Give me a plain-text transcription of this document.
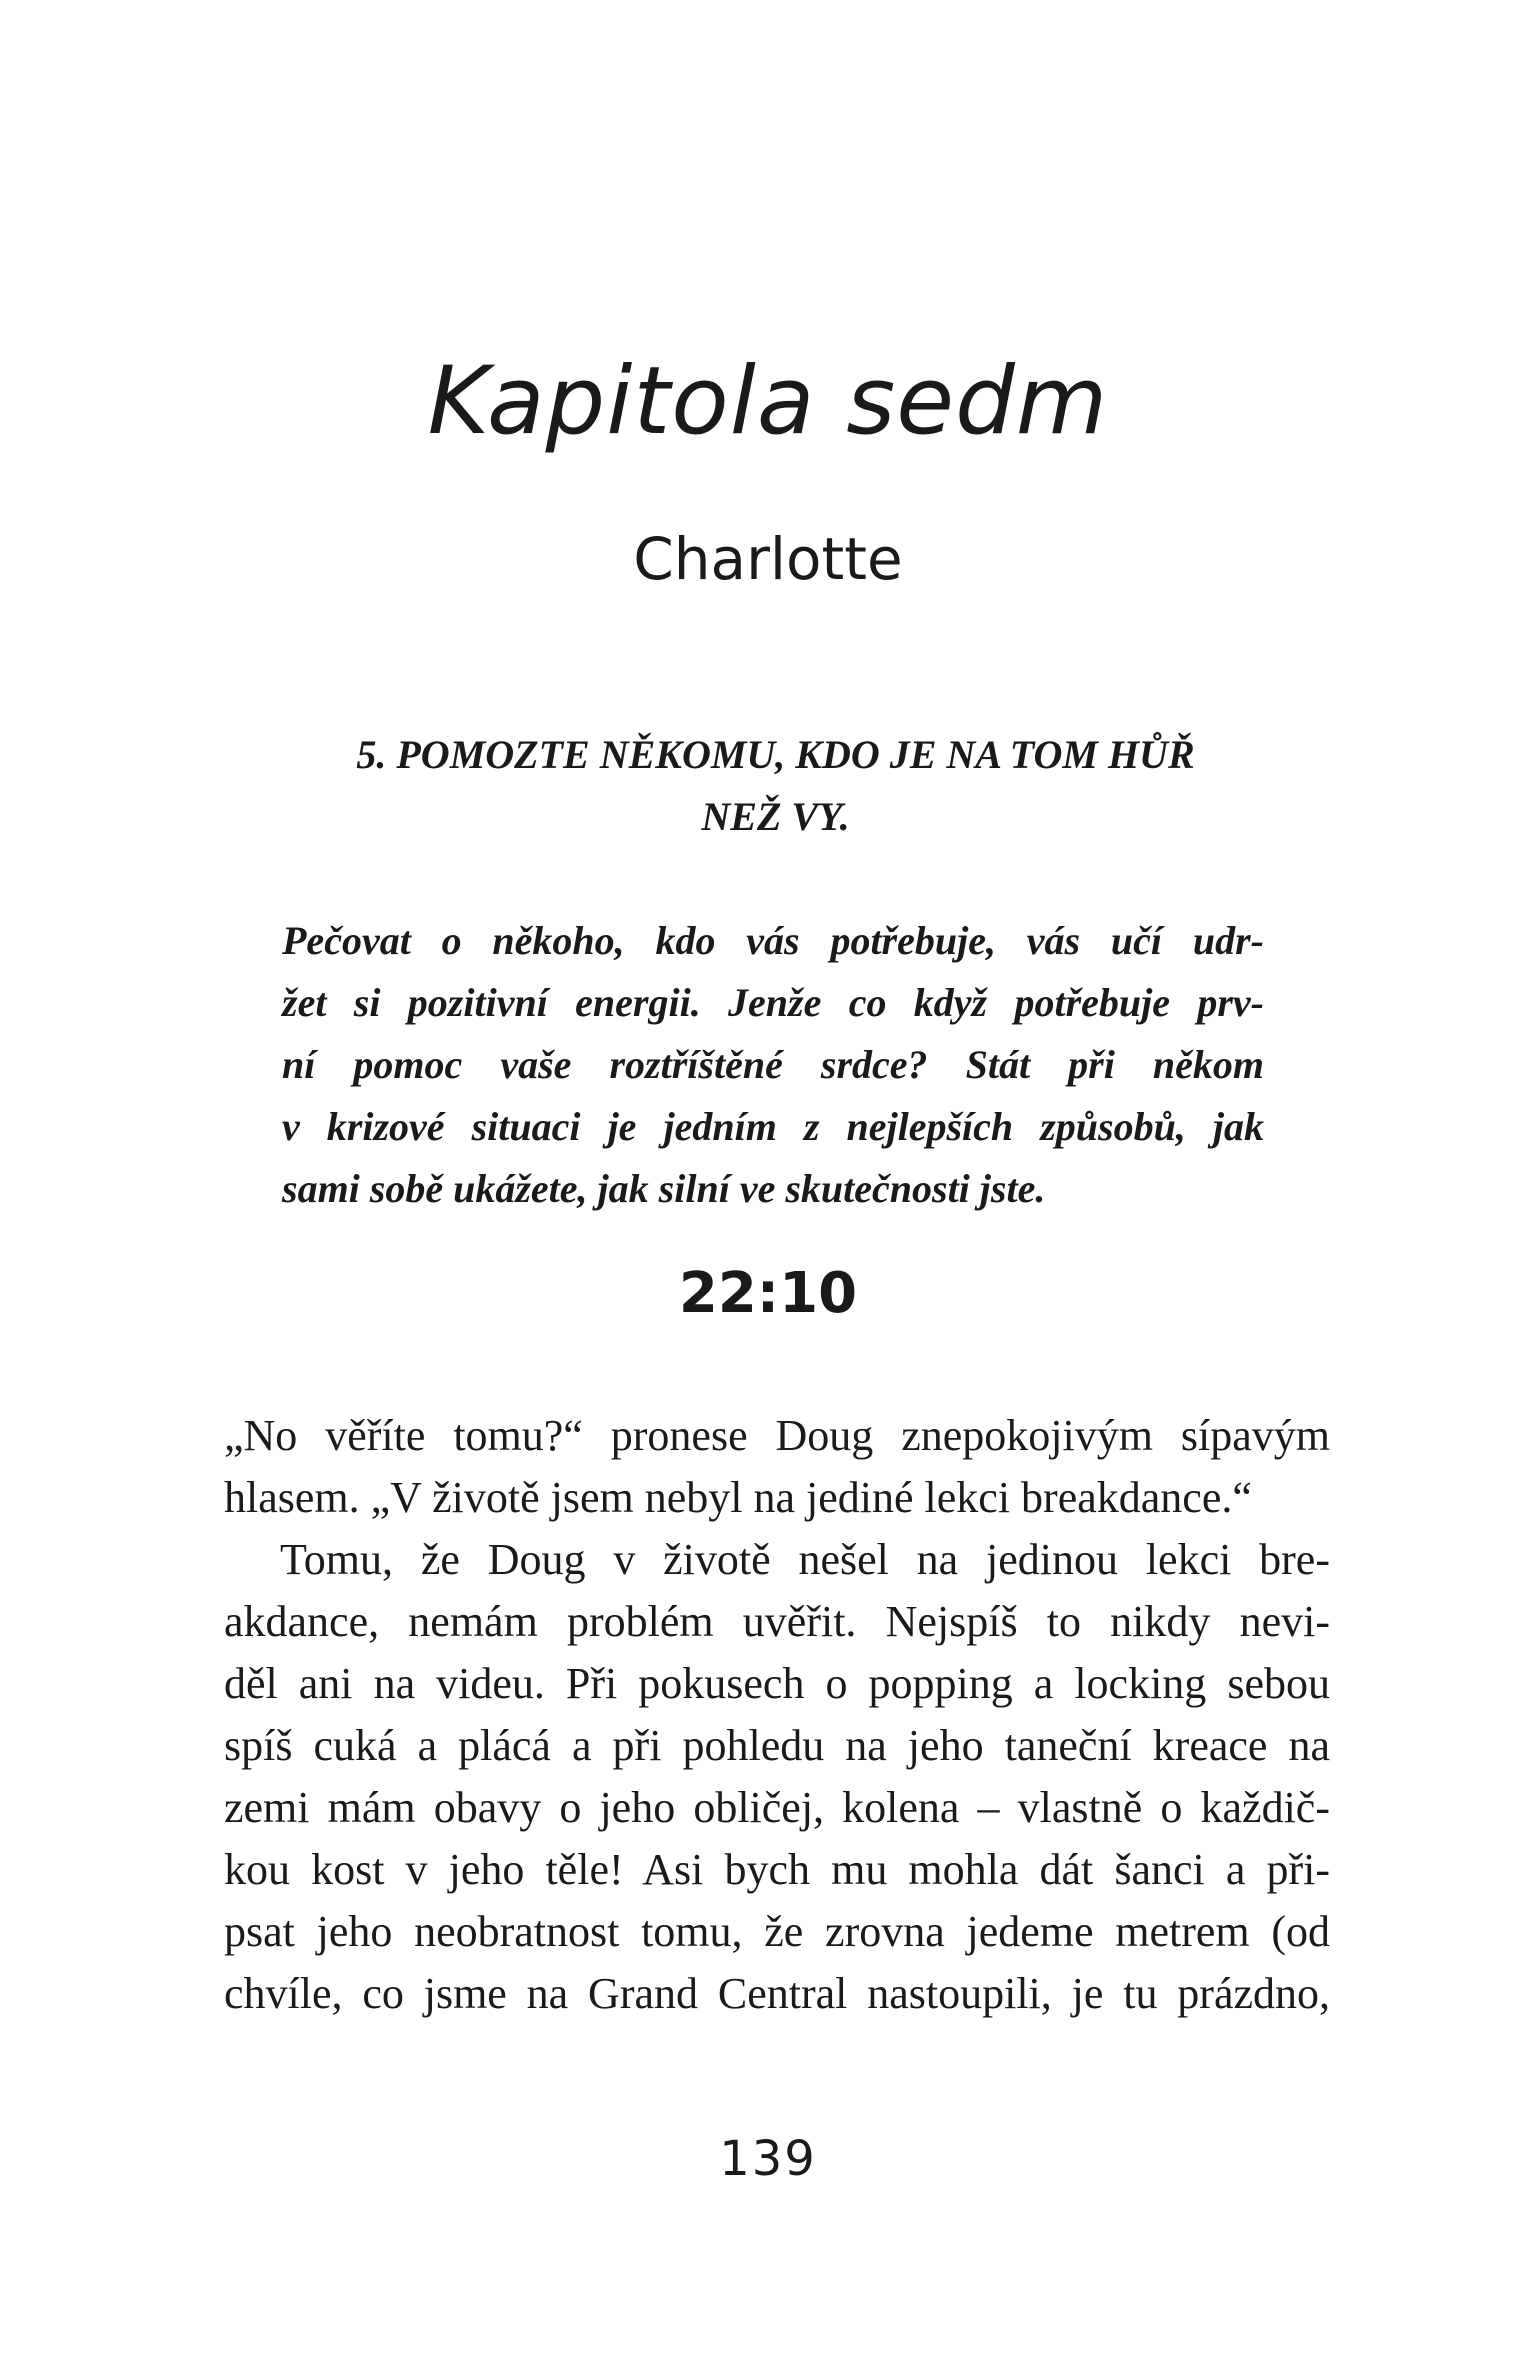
Kapitola sedm
Charlotte
5. POMOZTE NĚKOMU, KDO JE NA TOM HŮŘ
NEŽ VY.
Pečovat o někoho, kdo vás potřebuje, vás učí udr-
žet si pozitivní energii. Jenže co když potřebuje prv-
ní pomoc vaše roztříštěné srdce? Stát při někom
v krizové situaci je jedním z nejlepších způsobů, jak
sami sobě ukážete, jak silní ve skutečnosti jste.
22:10
„No věříte tomu?“ pronese Doug znepokojivým sípavým
hlasem. „V životě jsem nebyl na jediné lekci breakdance.“
Tomu, že Doug v životě nešel na jedinou lekci bre-
akdance, nemám problém uvěřit. Nejspíš to nikdy nevi-
děl ani na videu. Při pokusech o popping a locking sebou
spíš cuká a plácá a při pohledu na jeho taneční kreace na
zemi mám obavy o jeho obličej, kolena – vlastně o každič-
kou kost v jeho těle! Asi bych mu mohla dát šanci a při-
psat jeho neobratnost tomu, že zrovna jedeme metrem (od
chvíle, co jsme na Grand Central nastoupili, je tu prázdno,
139
